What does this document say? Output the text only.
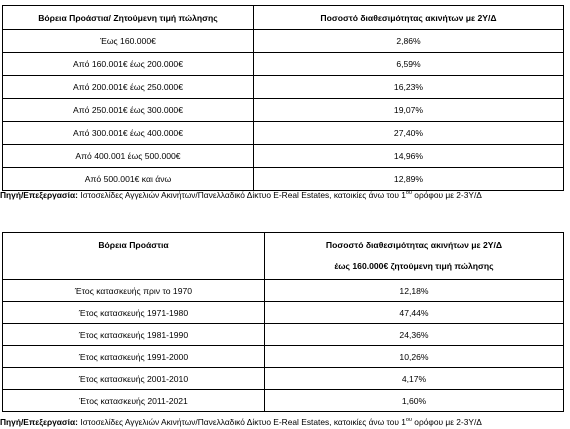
Βόρεια Προάστια/ Ζητούμενη τιμή πώλησης	Ποσοστό διαθεσιμότητας ακινήτων με 2Υ/Δ
Έως 160.000€	2,86%
Από 160.001€ έως 200.000€	6,59%
Από 200.001€ έως 250.000€	16,23%
Από 250.001€ έως 300.000€	19,07%
Από 300.001€ έως 400.000€	27,40%
Από 400.001 έως 500.000€	14,96%
Από 500.001€ και άνω	12,89%
Πηγή/Επεξεργασία: Ιστοσελίδες Αγγελιών Ακινήτων/Πανελλαδικό Δίκτυο E-Real Estates, κατοικίες άνω του $1^{o\upsilon}$ ορόφου με 2-3Υ/Δ
Βόρεια Προάστια	Ποσοστό διαθεσιμότητας ακινήτων με 2Υ/Δ
έως 160.000€ ζητούμενη τιμή πώλησης

Έτος κατασκευής πριν το 1970	12,18%
Έτος κατασκευής 1971-1980	47,44%
Έτος κατασκευής 1981-1990	24,36%
Έτος κατασκευής 1991-2000	10,26%
Έτος κατασκευής 2001-2010	4,17%
Έτος κατασκευής 2011-2021	1,60%
Πηγή/Επεξεργασία: Ιστοσελίδες Αγγελιών Ακινήτων/Πανελλαδικό Δίκτυο E-Real Estates, κατοικίες άνω του $1^{o\upsilon}$ ορόφου με 2-3Υ/Δ
